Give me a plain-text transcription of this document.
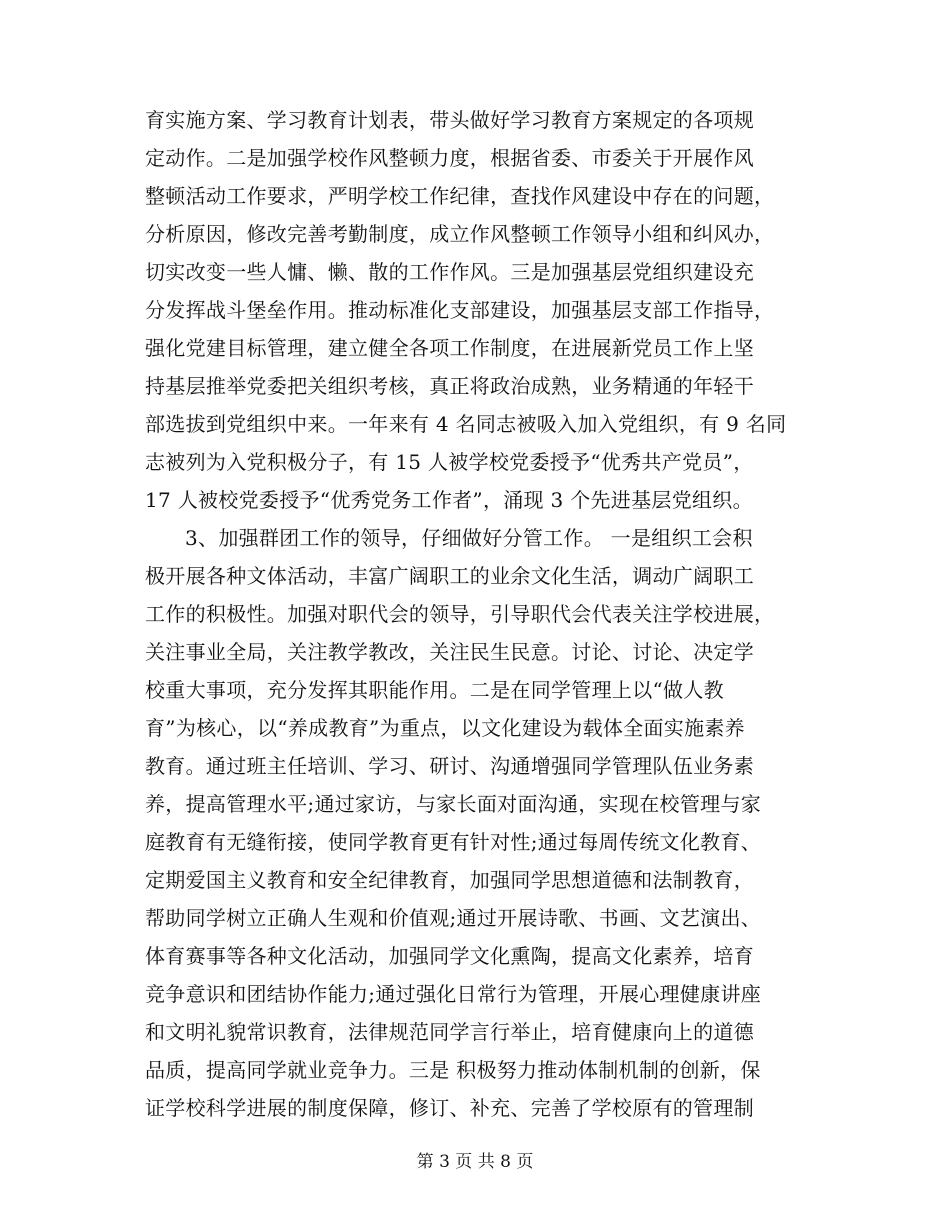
育实施方案、学习教育计划表，带头做好学习教育方案规定的各项规
定动作。二是加强学校作风整顿力度，根据省委、市委关于开展作风
整顿活动工作要求，严明学校工作纪律，查找作风建设中存在的问题，
分析原因，修改完善考勤制度，成立作风整顿工作领导小组和纠风办，
切实改变一些人慵、懒、散的工作作风。三是加强基层党组织建设充
分发挥战斗堡垒作用。推动标准化支部建设，加强基层支部工作指导，
强化党建目标管理，建立健全各项工作制度，在进展新党员工作上坚
持基层推举党委把关组织考核，真正将政治成熟，业务精通的年轻干
部选拔到党组织中来。一年来有 4 名同志被吸入加入党组织，有 9 名同
志被列为入党积极分子，有 15 人被学校党委授予“优秀共产党员”，
17 人被校党委授予“优秀党务工作者”，涌现 3 个先进基层党组织。
3、加强群团工作的领导，仔细做好分管工作。 一是组织工会积
极开展各种文体活动，丰富广阔职工的业余文化生活，调动广阔职工
工作的积极性。加强对职代会的领导，引导职代会代表关注学校进展，
关注事业全局，关注教学教改，关注民生民意。讨论、讨论、决定学
校重大事项，充分发挥其职能作用。二是在同学管理上以“做人教
育”为核心，以“养成教育”为重点，以文化建设为载体全面实施素养
教育。通过班主任培训、学习、研讨、沟通增强同学管理队伍业务素
养，提高管理水平;通过家访，与家长面对面沟通，实现在校管理与家
庭教育有无缝衔接，使同学教育更有针对性;通过每周传统文化教育、
定期爱国主义教育和安全纪律教育，加强同学思想道德和法制教育，
帮助同学树立正确人生观和价值观;通过开展诗歌、书画、文艺演出、
体育赛事等各种文化活动，加强同学文化熏陶，提高文化素养，培育
竞争意识和团结协作能力;通过强化日常行为管理，开展心理健康讲座
和文明礼貌常识教育，法律规范同学言行举止，培育健康向上的道德
品质，提高同学就业竞争力。三是 积极努力推动体制机制的创新，保
证学校科学进展的制度保障，修订、补充、完善了学校原有的管理制
第 3 页 共 8 页
